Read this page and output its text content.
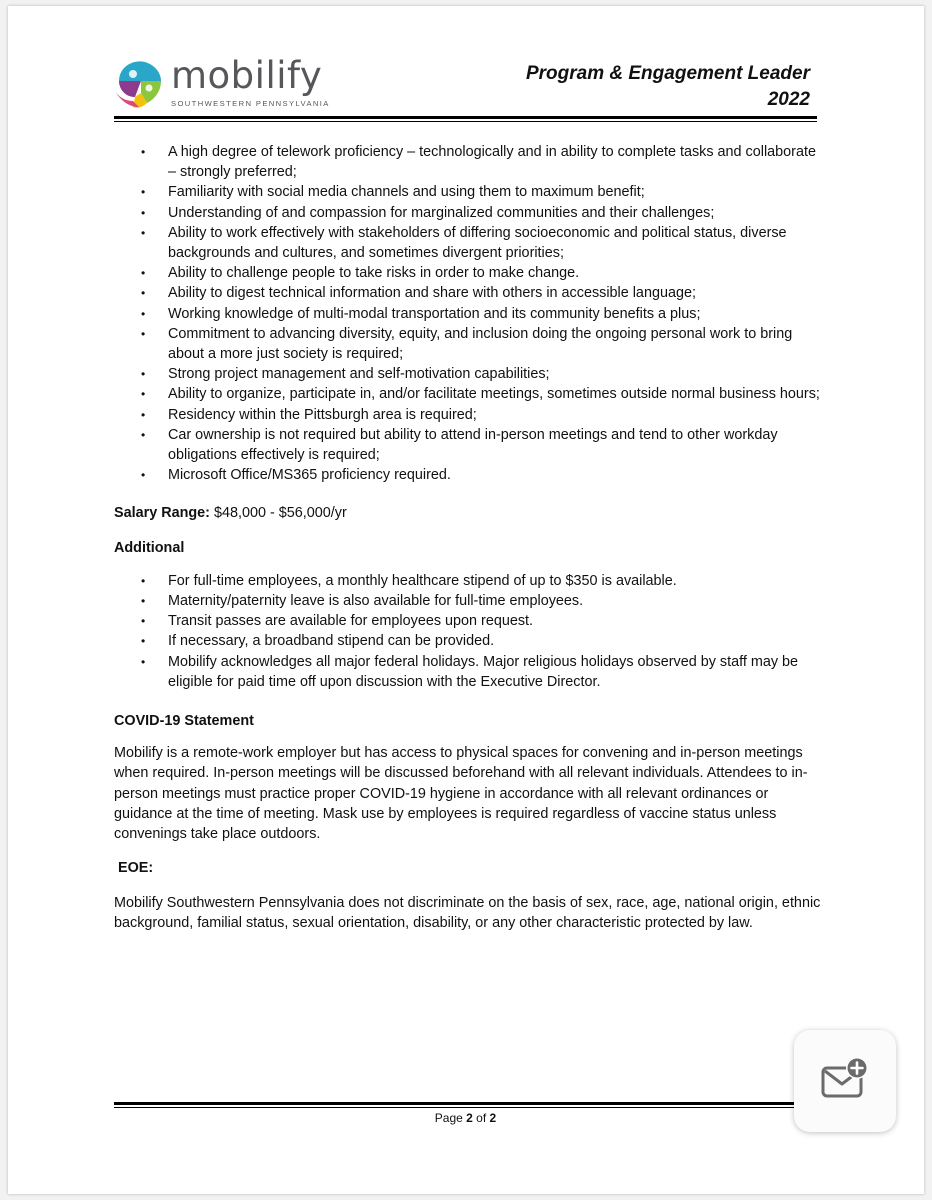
mobilify
SOUTHWESTERN PENNSYLVANIA
Program & Engagement Leader
2022
• A high degree of telework proficiency – technologically and in ability to complete tasks and collaborate – strongly preferred;
• Familiarity with social media channels and using them to maximum benefit;
• Understanding of and compassion for marginalized communities and their challenges;
• Ability to work effectively with stakeholders of differing socioeconomic and political status, diverse backgrounds and cultures, and sometimes divergent priorities;
• Ability to challenge people to take risks in order to make change.
• Ability to digest technical information and share with others in accessible language;
• Working knowledge of multi-modal transportation and its community benefits a plus;
• Commitment to advancing diversity, equity, and inclusion doing the ongoing personal work to bring about a more just society is required;
• Strong project management and self-motivation capabilities;
• Ability to organize, participate in, and/or facilitate meetings, sometimes outside normal business hours;
• Residency within the Pittsburgh area is required;
• Car ownership is not required but ability to attend in-person meetings and tend to other workday obligations effectively is required;
• Microsoft Office/MS365 proficiency required.

Salary Range: $48,000 - $56,000/yr

Additional

• For full-time employees, a monthly healthcare stipend of up to $350 is available.
• Maternity/paternity leave is also available for full-time employees.
• Transit passes are available for employees upon request.
• If necessary, a broadband stipend can be provided.
• Mobilify acknowledges all major federal holidays. Major religious holidays observed by staff may be eligible for paid time off upon discussion with the Executive Director.

COVID-19 Statement

Mobilify is a remote-work employer but has access to physical spaces for convening and in-person meetings when required. In-person meetings will be discussed beforehand with all relevant individuals. Attendees to in-person meetings must practice proper COVID-19 hygiene in accordance with all relevant ordinances or guidance at the time of meeting. Mask use by employees is required regardless of vaccine status unless convenings take place outdoors.

EOE:

Mobilify Southwestern Pennsylvania does not discriminate on the basis of sex, race, age, national origin, ethnic background, familial status, sexual orientation, disability, or any other characteristic protected by law.

Page 2 of 2
